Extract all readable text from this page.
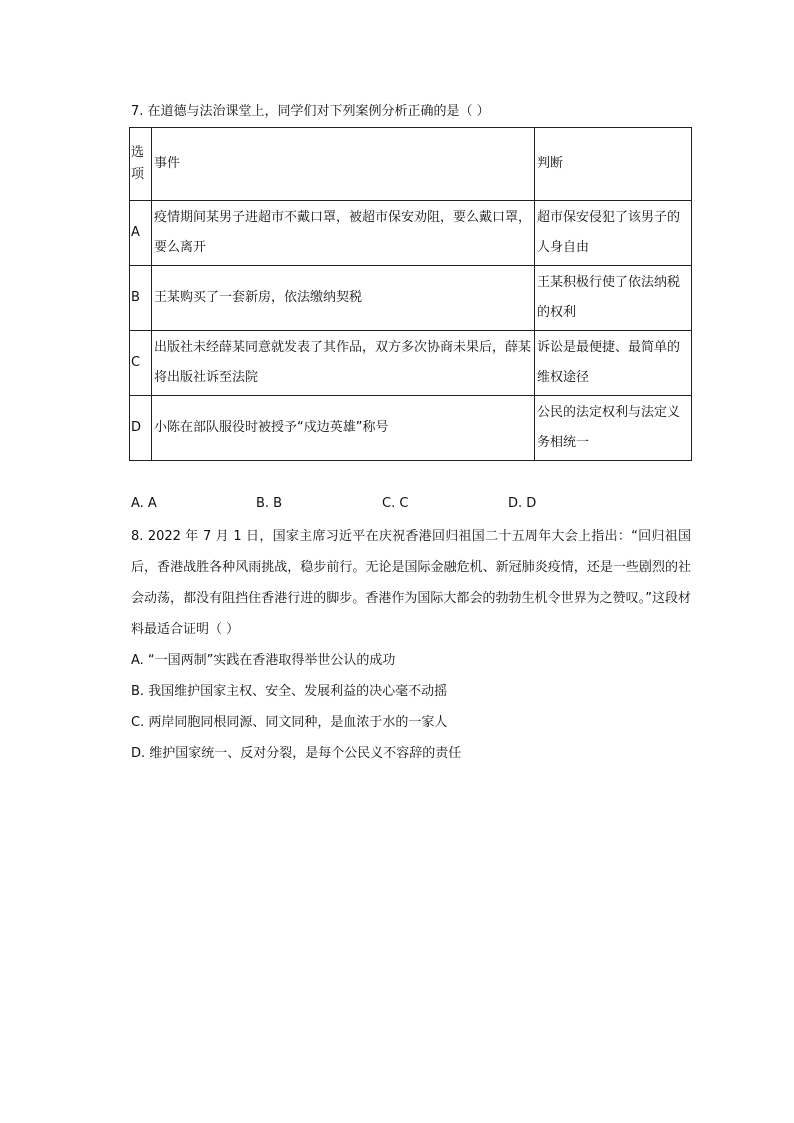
7. 在道德与法治课堂上，同学们对下列案例分析正确的是（ ）
选项	事件	判断
A	疫情期间某男子进超市不戴口罩，被超市保安劝阻，要么戴口罩，要么离开	超市保安侵犯了该男子的人身自由
B	王某购买了一套新房，依法缴纳契税	王某积极行使了依法纳税的权利
C	出版社未经薛某同意就发表了其作品，双方多次协商未果后，薛某将出版社诉至法院	诉讼是最便捷、最简单的维权途径
D	小陈在部队服役时被授予“戍边英雄”称号	公民的法定权利与法定义务相统一
A. A	B. B	C. C	D. D
8. 2022 年 7 月 1 日，国家主席习近平在庆祝香港回归祖国二十五周年大会上指出：“回归祖国后，香港战胜各种风雨挑战，稳步前行。无论是国际金融危机、新冠肺炎疫情，还是一些剧烈的社会动荡，都没有阻挡住香港行进的脚步。香港作为国际大都会的勃勃生机令世界为之赞叹。”这段材料最适合证明（ ）
A. “一国两制”实践在香港取得举世公认的成功
B. 我国维护国家主权、安全、发展利益的决心毫不动摇
C. 两岸同胞同根同源、同文同种，是血浓于水的一家人
D. 维护国家统一、反对分裂，是每个公民义不容辞的责任
